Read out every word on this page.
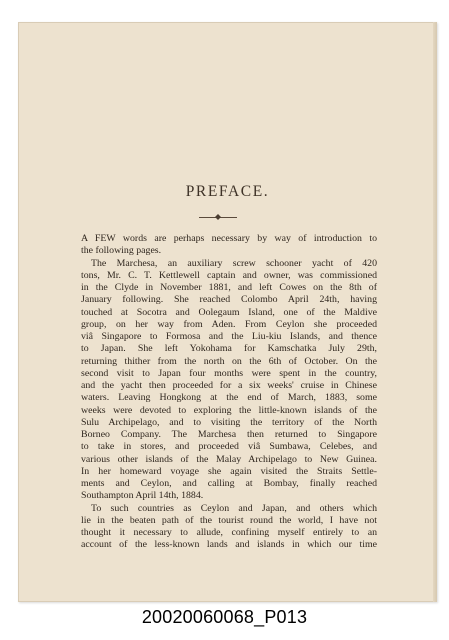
PREFACE.
A FEW words are perhaps necessary by way of introduction to
the following pages.
The Marchesa, an auxiliary screw schooner yacht of 420
tons, Mr. C. T. Kettlewell captain and owner, was commissioned
in the Clyde in November 1881, and left Cowes on the 8th of
January following. She reached Colombo April 24th, having
touched at Socotra and Oolegaum Island, one of the Maldive
group, on her way from Aden. From Ceylon she proceeded
viâ Singapore to Formosa and the Liu-kiu Islands, and thence
to Japan. She left Yokohama for Kamschatka July 29th,
returning thither from the north on the 6th of October. On the
second visit to Japan four months were spent in the country,
and the yacht then proceeded for a six weeks' cruise in Chinese
waters. Leaving Hongkong at the end of March, 1883, some
weeks were devoted to exploring the little-known islands of the
Sulu Archipelago, and to visiting the territory of the North
Borneo Company. The Marchesa then returned to Singapore
to take in stores, and proceeded viâ Sumbawa, Celebes, and
various other islands of the Malay Archipelago to New Guinea.
In her homeward voyage she again visited the Straits Settle-
ments and Ceylon, and calling at Bombay, finally reached
Southampton April 14th, 1884.
To such countries as Ceylon and Japan, and others which
lie in the beaten path of the tourist round the world, I have not
thought it necessary to allude, confining myself entirely to an
account of the less-known lands and islands in which our time
20020060068_P013
